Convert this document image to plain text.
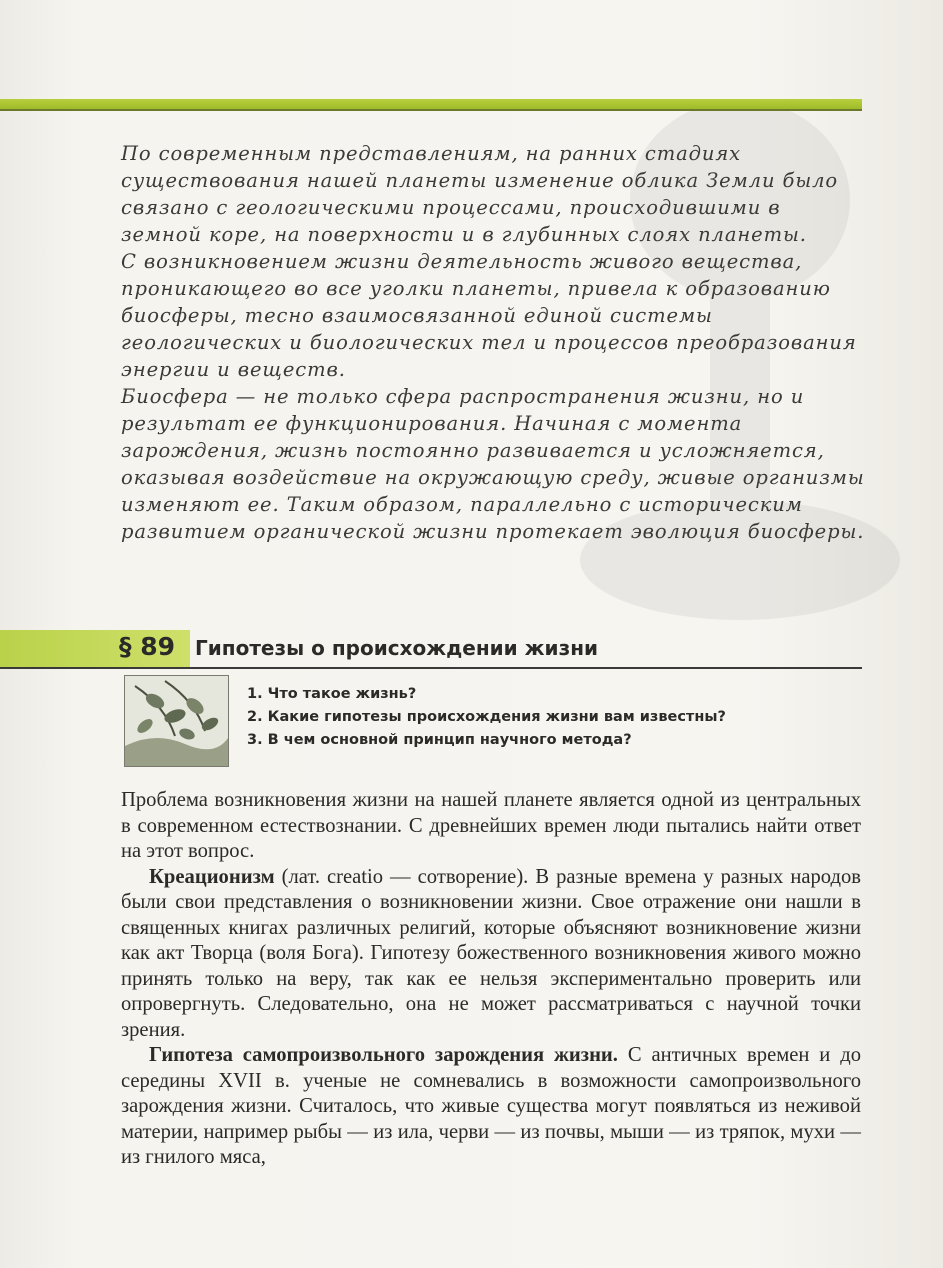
По современным представлениям, на ранних стадиях существования нашей планеты изменение облика Земли было связано с геологическими процессами, происходившими в земной коре, на поверхности и в глубинных слоях планеты.

С возникновением жизни деятельность живого вещества, проникающего во все уголки планеты, привела к образованию биосферы, тесно взаимосвязанной единой системы геологических и биологических тел и процессов преобразования энергии и веществ.

Биосфера — не только сфера распространения жизни, но и результат ее функционирования. Начиная с момента зарождения, жизнь постоянно развивается и усложняется, оказывая воздействие на окружающую среду, живые организмы изменяют ее. Таким образом, параллельно с историческим развитием органической жизни протекает эволюция биосферы.

§ 89 Гипотезы о происхождении жизни
1. Что такое жизнь?
2. Какие гипотезы происхождения жизни вам известны?
3. В чем основной принцип научного метода?

Проблема возникновения жизни на нашей планете является одной из центральных в современном естествознании. С древнейших времен люди пытались найти ответ на этот вопрос.

Креационизм (лат. creatio — сотворение). В разные времена у разных народов были свои представления о возникновении жизни. Свое отражение они нашли в священных книгах различных религий, которые объясняют возникновение жизни как акт Творца (воля Бога). Гипотезу божественного возникновения живого можно принять только на веру, так как ее нельзя экспериментально проверить или опровергнуть. Следовательно, она не может рассматриваться с научной точки зрения.

Гипотеза самопроизвольного зарождения жизни. С античных времен и до середины XVII в. ученые не сомневались в возможности самопроизвольного зарождения жизни. Считалось, что живые существа могут появляться из неживой материи, например рыбы — из ила, черви — из почвы, мыши — из тряпок, мухи — из гнилого мяса,
